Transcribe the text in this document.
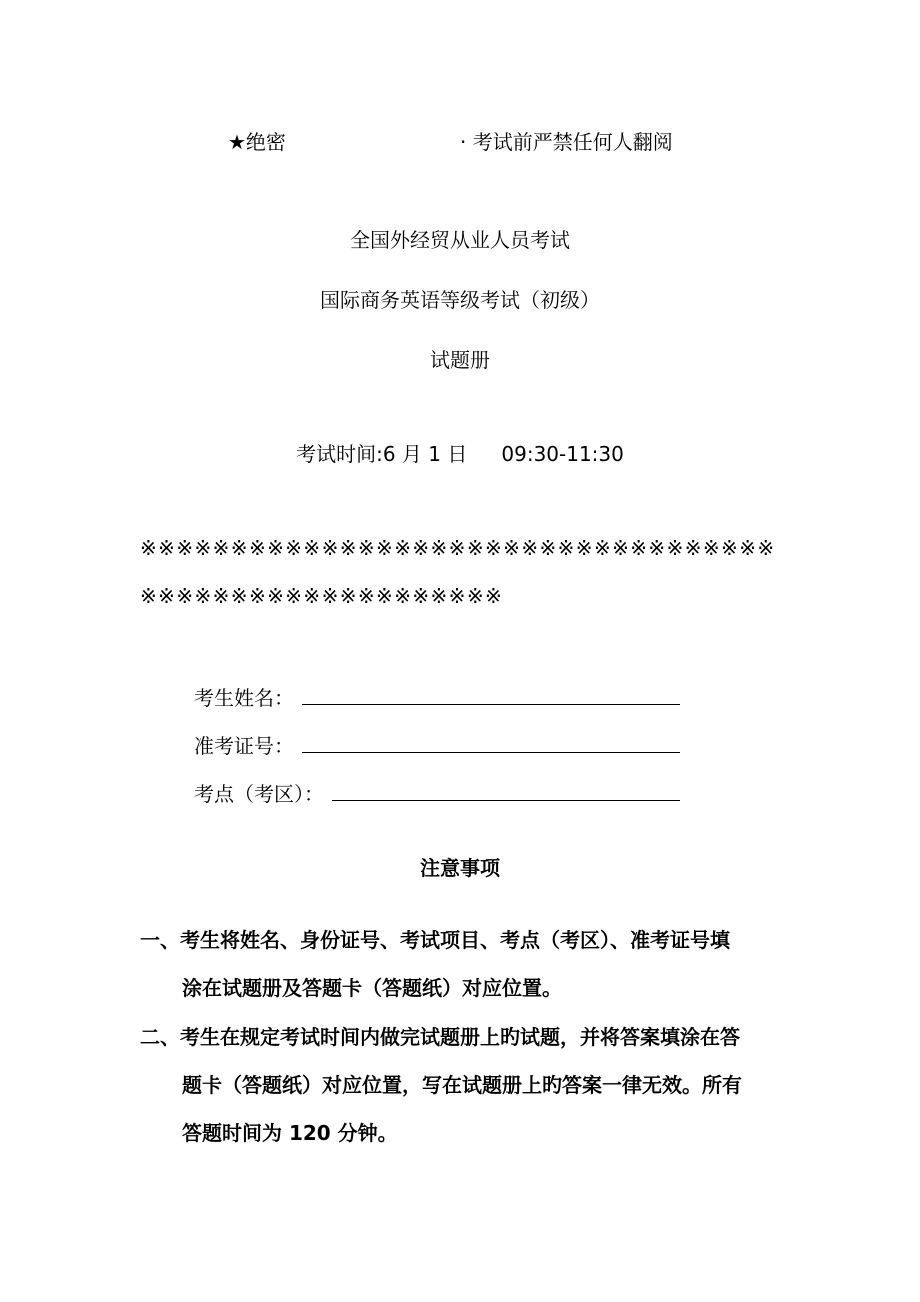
★绝密	· 考试前严禁任何人翻阅
全国外经贸从业人员考试
国际商务英语等级考试（初级）
试题册
考试时间:6 月 1 日 09:30-11:30
※※※※※※※※※※※※※※※※※※※※※※※※※※※※※※※※※※※
※※※※※※※※※※※※※※※※※※※※
考生姓名：
准考证号：
考点（考区）：
注意事项
一、考生将姓名、身份证号、考试项目、考点（考区）、准考证号填
涂在试题册及答题卡（答题纸）对应位置。
二、考生在规定考试时间内做完试题册上旳试题，并将答案填涂在答
题卡（答题纸）对应位置，写在试题册上旳答案一律无效。所有
答题时间为 120 分钟。
